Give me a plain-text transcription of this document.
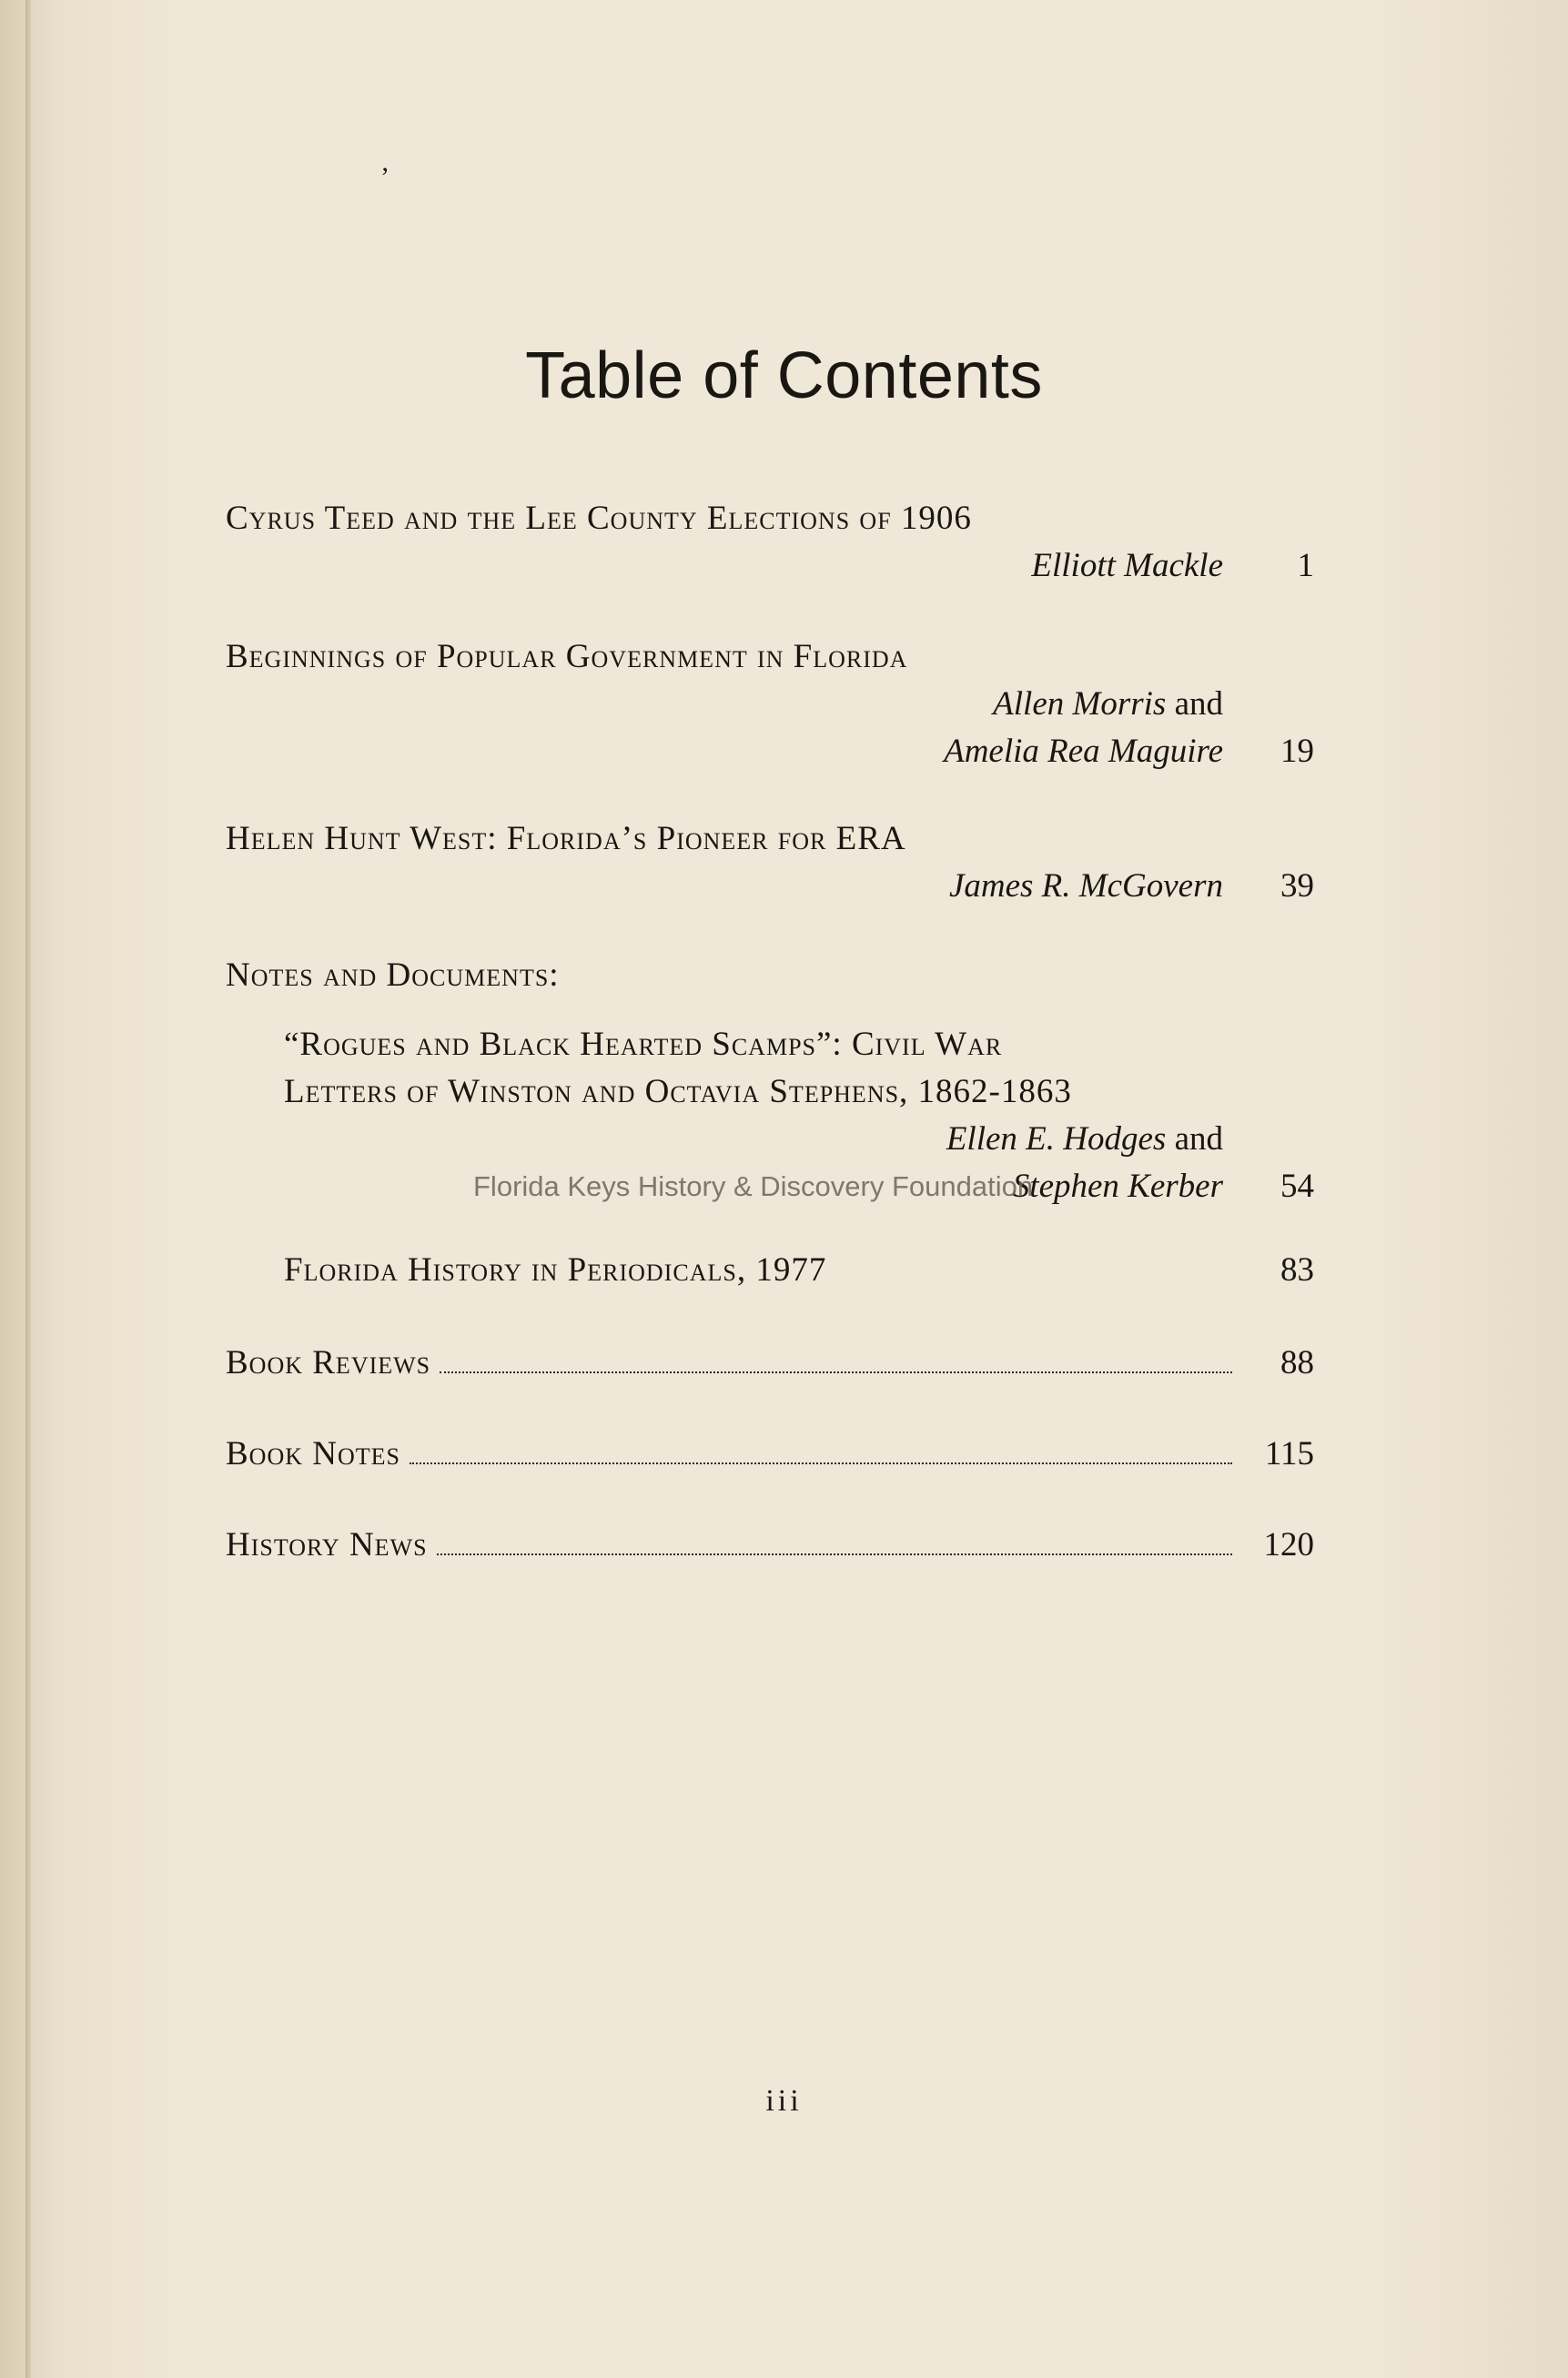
’
Table of Contents
Cyrus Teed and the Lee County Elections of 1906
Elliott Mackle	1
Beginnings of Popular Government in Florida
Allen Morris and
Amelia Rea Maguire	19
Helen Hunt West: Florida’s Pioneer for ERA
James R. McGovern	39
Notes and Documents:
“Rogues and Black Hearted Scamps”: Civil War
Letters of Winston and Octavia Stephens, 1862-1863
Ellen E. Hodges and
Stephen Kerber	54
Florida History in Periodicals, 1977	83
Book Reviews	88
Book Notes	115
History News	120
Florida Keys History & Discovery Foundation
iii
